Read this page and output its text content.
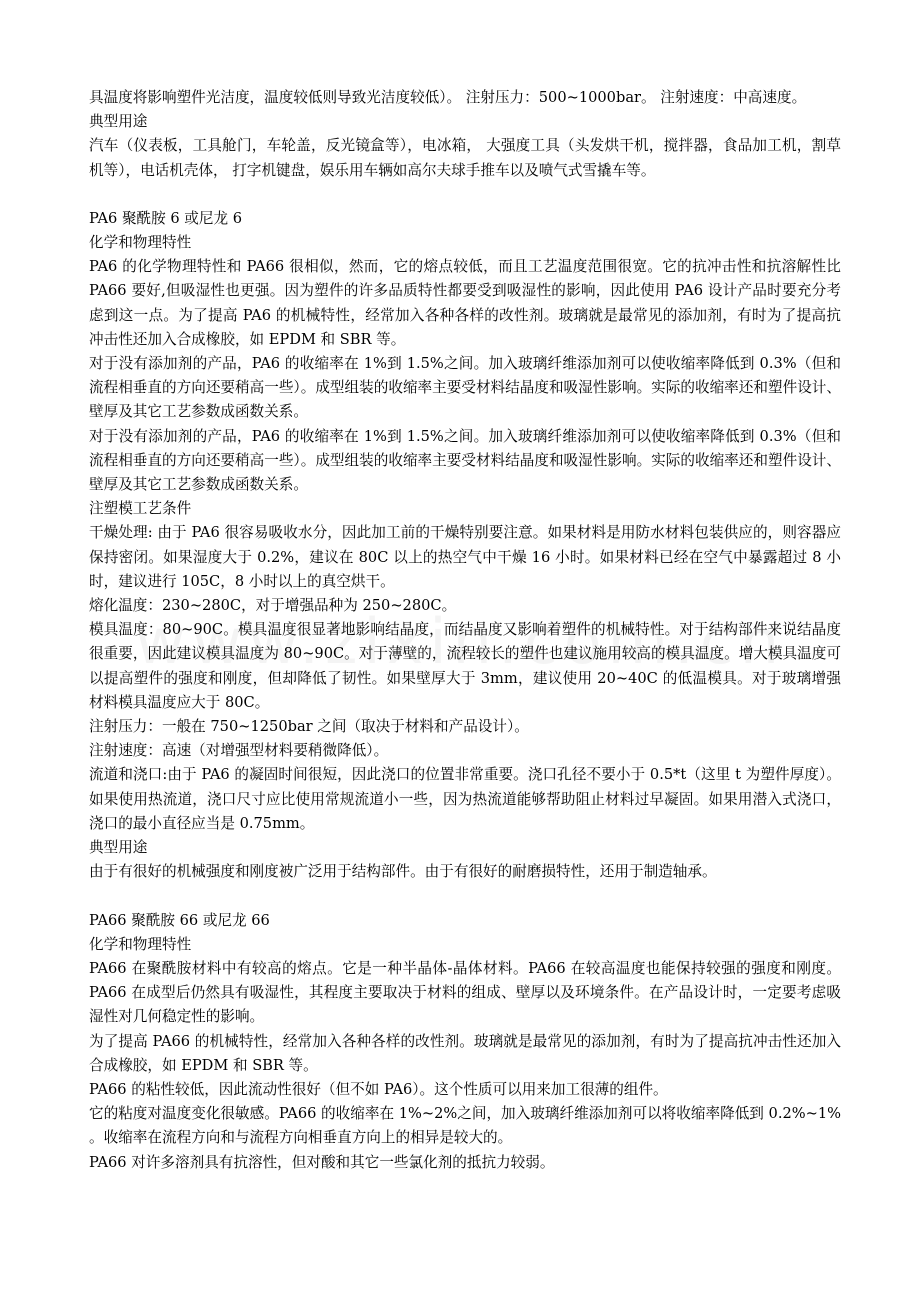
具温度将影响塑件光洁度，温度较低则导致光洁度较低）。 注射压力：500~1000bar。 注射速度：中高速度。

典型用途

汽车（仪表板，工具舱门，车轮盖，反光镜盒等），电冰箱， 大强度工具（头发烘干机，搅拌器，食品加工机，割草机等），电话机壳体， 打字机键盘，娱乐用车辆如高尔夫球手推车以及喷气式雪撬车等。

PA6 聚酰胺 6 或尼龙 6

化学和物理特性

PA6 的化学物理特性和 PA66 很相似，然而，它的熔点较低，而且工艺温度范围很宽。它的抗冲击性和抗溶解性比 PA66 要好,但吸湿性也更强。因为塑件的许多品质特性都要受到吸湿性的影响，因此使用 PA6 设计产品时要充分考虑到这一点。为了提高 PA6 的机械特性，经常加入各种各样的改性剂。玻璃就是最常见的添加剂，有时为了提高抗冲击性还加入合成橡胶，如 EPDM 和 SBR 等。

对于没有添加剂的产品，PA6 的收缩率在 1%到 1.5%之间。加入玻璃纤维添加剂可以使收缩率降低到 0.3%（但和流程相垂直的方向还要稍高一些）。成型组装的收缩率主要受材料结晶度和吸湿性影响。实际的收缩率还和塑件设计、壁厚及其它工艺参数成函数关系。

对于没有添加剂的产品，PA6 的收缩率在 1%到 1.5%之间。加入玻璃纤维添加剂可以使收缩率降低到 0.3%（但和流程相垂直的方向还要稍高一些）。成型组装的收缩率主要受材料结晶度和吸湿性影响。实际的收缩率还和塑件设计、壁厚及其它工艺参数成函数关系。

注塑模工艺条件

干燥处理: 由于 PA6 很容易吸收水分，因此加工前的干燥特别要注意。如果材料是用防水材料包装供应的，则容器应保持密闭。如果湿度大于 0.2%，建议在 80C 以上的热空气中干燥 16 小时。如果材料已经在空气中暴露超过 8 小时，建议进行 105C，8 小时以上的真空烘干。

熔化温度：230~280C，对于增强品种为 250~280C。

模具温度：80~90C。模具温度很显著地影响结晶度，而结晶度又影响着塑件的机械特性。对于结构部件来说结晶度很重要，因此建议模具温度为 80~90C。对于薄壁的，流程较长的塑件也建议施用较高的模具温度。增大模具温度可以提高塑件的强度和刚度，但却降低了韧性。如果壁厚大于 3mm，建议使用 20~40C 的低温模具。对于玻璃增强材料模具温度应大于 80C。

注射压力：一般在 750~1250bar 之间（取决于材料和产品设计）。

注射速度：高速（对增强型材料要稍微降低）。

流道和浇口:由于 PA6 的凝固时间很短，因此浇口的位置非常重要。浇口孔径不要小于 0.5*t（这里 t 为塑件厚度）。如果使用热流道，浇口尺寸应比使用常规流道小一些，因为热流道能够帮助阻止材料过早凝固。如果用潜入式浇口，浇口的最小直径应当是 0.75mm。

典型用途

由于有很好的机械强度和刚度被广泛用于结构部件。由于有很好的耐磨损特性，还用于制造轴承。

PA66 聚酰胺 66 或尼龙 66

化学和物理特性

PA66 在聚酰胺材料中有较高的熔点。它是一种半晶体-晶体材料。PA66 在较高温度也能保持较强的强度和刚度。PA66 在成型后仍然具有吸湿性，其程度主要取决于材料的组成、壁厚以及环境条件。在产品设计时，一定要考虑吸湿性对几何稳定性的影响。

为了提高 PA66 的机械特性，经常加入各种各样的改性剂。玻璃就是最常见的添加剂，有时为了提高抗冲击性还加入合成橡胶，如 EPDM 和 SBR 等。

PA66 的粘性较低，因此流动性很好（但不如 PA6）。这个性质可以用来加工很薄的组件。

它的粘度对温度变化很敏感。PA66 的收缩率在 1%~2%之间，加入玻璃纤维添加剂可以将收缩率降低到 0.2%~1% 。收缩率在流程方向和与流程方向相垂直方向上的相异是较大的。

PA66 对许多溶剂具有抗溶性，但对酸和其它一些氯化剂的抵抗力较弱。
